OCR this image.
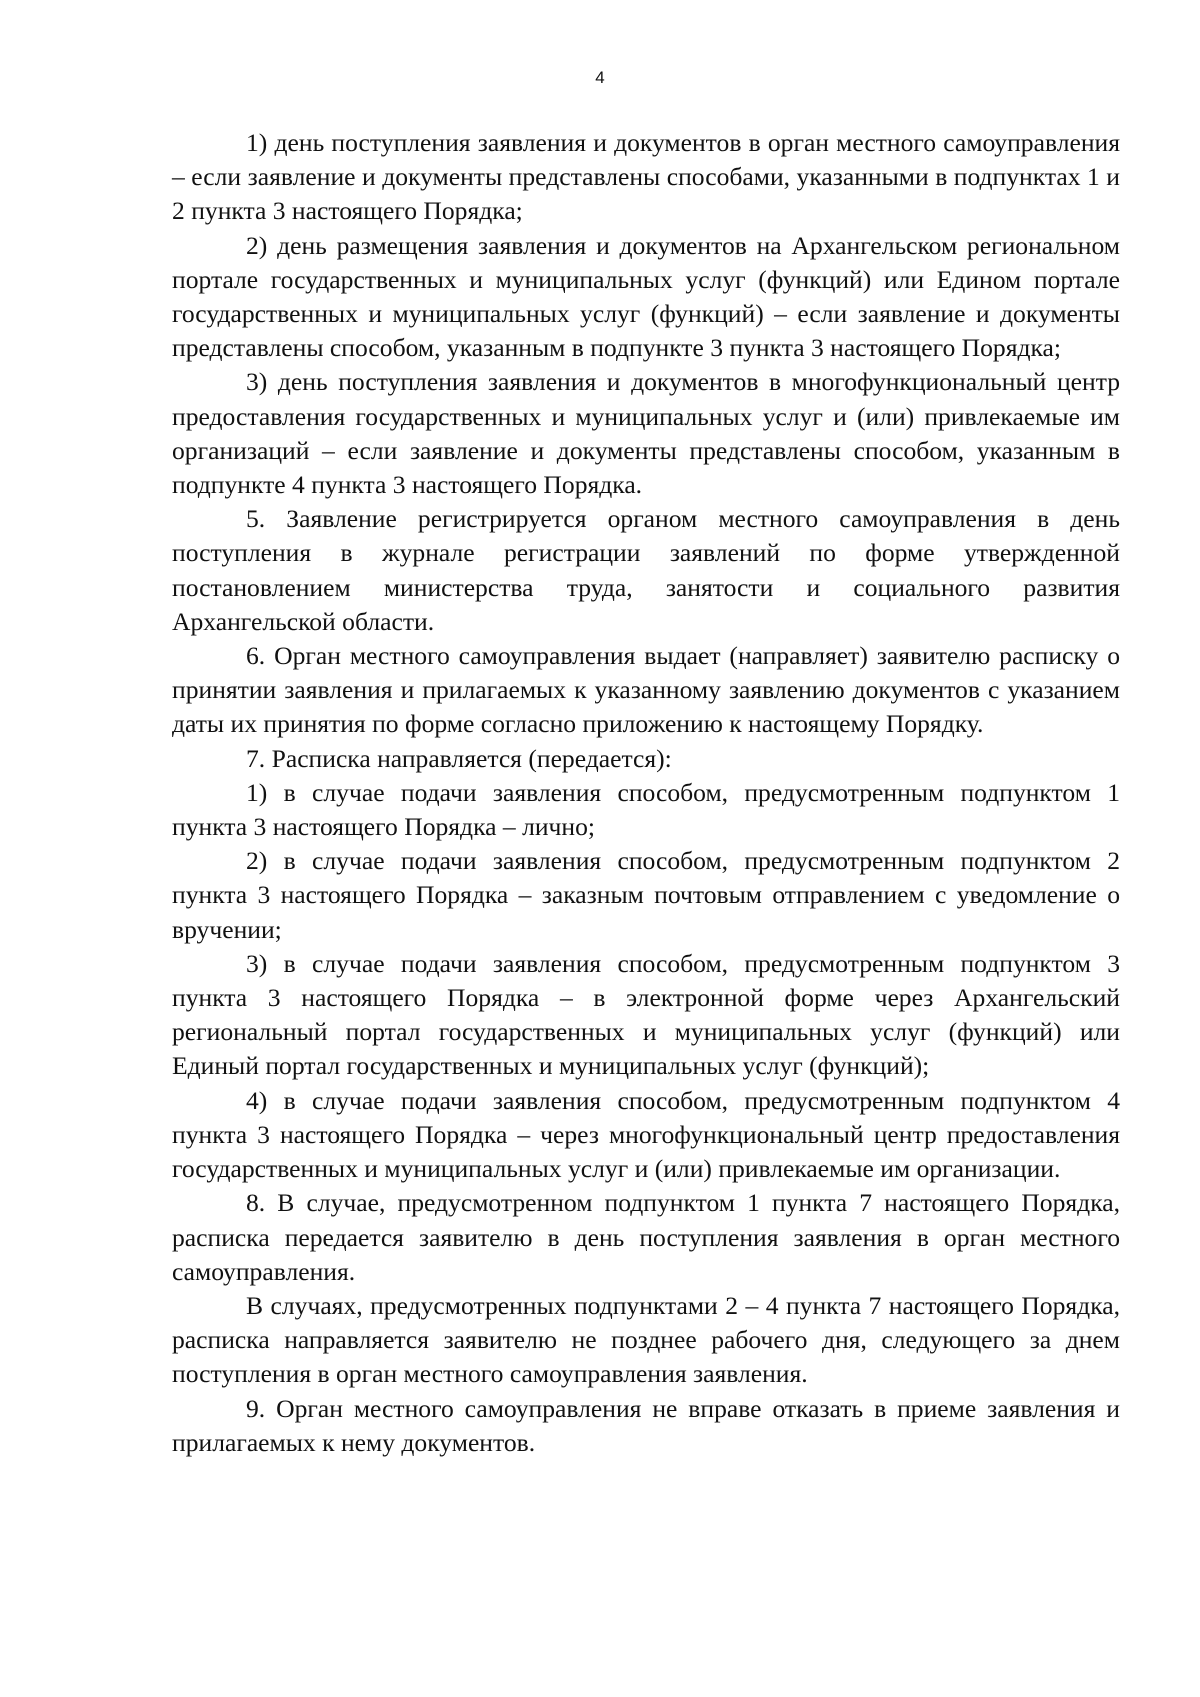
4

1) день поступления заявления и документов в орган местного самоуправления – если заявление и документы представлены способами, указанными в подпунктах 1 и 2 пункта 3 настоящего Порядка;

2) день размещения заявления и документов на Архангельском региональном портале государственных и муниципальных услуг (функций) или Едином портале государственных и муниципальных услуг (функций) – если заявление и документы представлены способом, указанным в подпункте 3 пункта 3 настоящего Порядка;

3) день поступления заявления и документов в многофункциональный центр предоставления государственных и муниципальных услуг и (или) привлекаемые им организаций – если заявление и документы представлены способом, указанным в подпункте 4 пункта 3 настоящего Порядка.

5. Заявление регистрируется органом местного самоуправления в день поступления в журнале регистрации заявлений по форме утвержденной постановлением министерства труда, занятости и социального развития Архангельской области.

6. Орган местного самоуправления выдает (направляет) заявителю расписку о принятии заявления и прилагаемых к указанному заявлению документов с указанием даты их принятия по форме согласно приложению к настоящему Порядку.

7. Расписка направляется (передается):

1) в случае подачи заявления способом, предусмотренным подпунктом 1 пункта 3 настоящего Порядка – лично;

2) в случае подачи заявления способом, предусмотренным подпунктом 2 пункта 3 настоящего Порядка – заказным почтовым отправлением с уведомление о вручении;

3) в случае подачи заявления способом, предусмотренным подпунктом 3 пункта 3 настоящего Порядка – в электронной форме через Архангельский региональный портал государственных и муниципальных услуг (функций) или Единый портал государственных и муниципальных услуг (функций);

4) в случае подачи заявления способом, предусмотренным подпунктом 4 пункта 3 настоящего Порядка – через многофункциональный центр предоставления государственных и муниципальных услуг и (или) привлекаемые им организации.

8. В случае, предусмотренном подпунктом 1 пункта 7 настоящего Порядка, расписка передается заявителю в день поступления заявления в орган местного самоуправления.

В случаях, предусмотренных подпунктами 2 – 4 пункта 7 настоящего Порядка, расписка направляется заявителю не позднее рабочего дня, следующего за днем поступления в орган местного самоуправления заявления.

9. Орган местного самоуправления не вправе отказать в приеме заявления и прилагаемых к нему документов.
